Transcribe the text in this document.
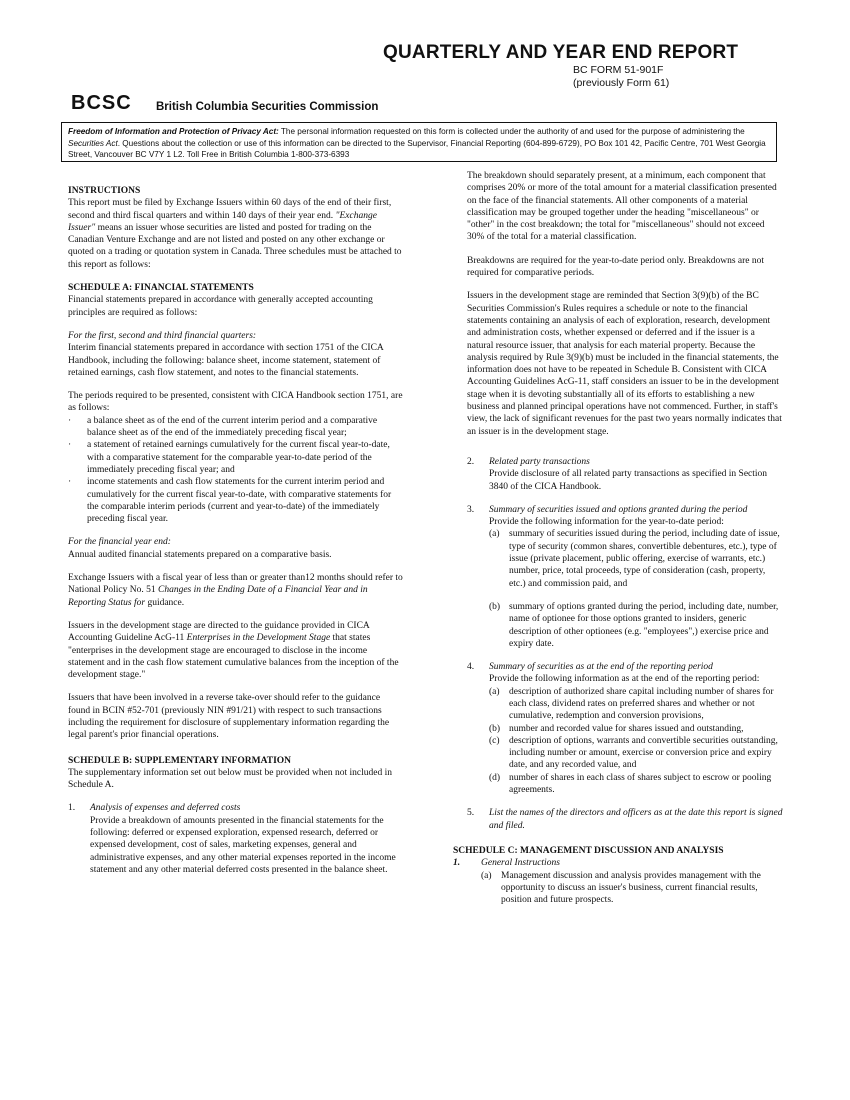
QUARTERLY AND YEAR END REPORT
BC FORM 51-901F
(previously Form 61)
BCSC British Columbia Securities Commission
Freedom of Information and Protection of Privacy Act: The personal information requested on this form is collected under the authority of and used for the purpose of administering the Securities Act. Questions about the collection or use of this information can be directed to the Supervisor, Financial Reporting (604-899-6729), PO Box 101 42, Pacific Centre, 701 West Georgia Street, Vancouver BC V7Y 1 L2. Toll Free in British Columbia 1-800-373-6393

INSTRUCTIONS
This report must be filed by Exchange Issuers within 60 days of the end of their first, second and third fiscal quarters and within 140 days of their year end. "Exchange Issuer" means an issuer whose securities are listed and posted for trading on the Canadian Venture Exchange and are not listed and posted on any other exchange or quoted on a trading or quotation system in Canada. Three schedules must be attached to this report as follows:

SCHEDULE A: FINANCIAL STATEMENTS
Financial statements prepared in accordance with generally accepted accounting principles are required as follows:

For the first, second and third financial quarters:
Interim financial statements prepared in accordance with section 1751 of the CICA Handbook, including the following: balance sheet, income statement, statement of retained earnings, cash flow statement, and notes to the financial statements.

The periods required to be presented, consistent with CICA Handbook section 1751, are as follows:

· a balance sheet as of the end of the current interim period and a comparative balance sheet as of the end of the immediately preceding fiscal year;
· a statement of retained earnings cumulatively for the current fiscal year-to-date, with a comparative statement for the comparable year-to-date period of the immediately preceding fiscal year; and
· income statements and cash flow statements for the current interim period and cumulatively for the current fiscal year-to-date, with comparative statements for the comparable interim periods (current and year-to-date) of the immediately preceding fiscal year.

For the financial year end:
Annual audited financial statements prepared on a comparative basis.

Exchange Issuers with a fiscal year of less than or greater than12 months should refer to National Policy No. 51 Changes in the Ending Date of a Financial Year and in Reporting Status for guidance.

Issuers in the development stage are directed to the guidance provided in CICA Accounting Guideline AcG-11 Enterprises in the Development Stage that states "enterprises in the development stage are encouraged to disclose in the income statement and in the cash flow statement cumulative balances from the inception of the development stage."

Issuers that have been involved in a reverse take-over should refer to the guidance found in BCIN #52-701 (previously NIN #91/21) with respect to such transactions including the requirement for disclosure of supplementary information regarding the legal parent's prior financial operations.

SCHEDULE B: SUPPLEMENTARY INFORMATION
The supplementary information set out below must be provided when not included in Schedule A.

1. Analysis of expenses and deferred costs
Provide a breakdown of amounts presented in the financial statements for the following: deferred or expensed exploration, expensed research, deferred or expensed development, cost of sales, marketing expenses, general and administrative expenses, and any other material expenses reported in the income statement and any other material deferred costs presented in the balance sheet.

The breakdown should separately present, at a minimum, each component that comprises 20% or more of the total amount for a material classification presented on the face of the financial statements. All other components of a material classification may be grouped together under the heading "miscellaneous" or "other" in the cost breakdown; the total for "miscellaneous" should not exceed 30% of the total for a material classification.

Breakdowns are required for the year-to-date period only. Breakdowns are not required for comparative periods.

Issuers in the development stage are reminded that Section 3(9)(b) of the BC Securities Commission's Rules requires a schedule or note to the financial statements containing an analysis of each of exploration, research, development and administration costs, whether expensed or deferred and if the issuer is a natural resource issuer, that analysis for each material property. Because the analysis required by Rule 3(9)(b) must be included in the financial statements, the information does not have to be repeated in Schedule B. Consistent with CICA Accounting Guidelines AcG-11, staff considers an issuer to be in the development stage when it is devoting substantially all of its efforts to establishing a new business and planned principal operations have not commenced. Further, in staff's view, the lack of significant revenues for the past two years normally indicates that an issuer is in the development stage.

2. Related party transactions
Provide disclosure of all related party transactions as specified in Section 3840 of the CICA Handbook.
3. Summary of securities issued and options granted during the period
Provide the following information for the year-to-date period:
(a) summary of securities issued during the period, including date of issue, type of security (common shares, convertible debentures, etc.), type of issue (private placement, public offering, exercise of warrants, etc.) number, price, total proceeds, type of consideration (cash, property, etc.) and commission paid, and
(b) summary of options granted during the period, including date, number, name of optionee for those options granted to insiders, generic description of other optionees (e.g. "employees",) exercise price and expiry date.
4. Summary of securities as at the end of the reporting period
Provide the following information as at the end of the reporting period:
(a) description of authorized share capital including number of shares for each class, dividend rates on preferred shares and whether or not cumulative, redemption and conversion provisions,
(b) number and recorded value for shares issued and outstanding,
(c) description of options, warrants and convertible securities outstanding, including number or amount, exercise or conversion price and expiry date, and any recorded value, and
(d) number of shares in each class of shares subject to escrow or pooling agreements.
5. List the names of the directors and officers as at the date this report is signed and filed.
SCHEDULE C: MANAGEMENT DISCUSSION AND ANALYSIS
1.	General Instructions
(a) Management discussion and analysis provides management with the opportunity to discuss an issuer's business, current financial results, position and future prospects.
